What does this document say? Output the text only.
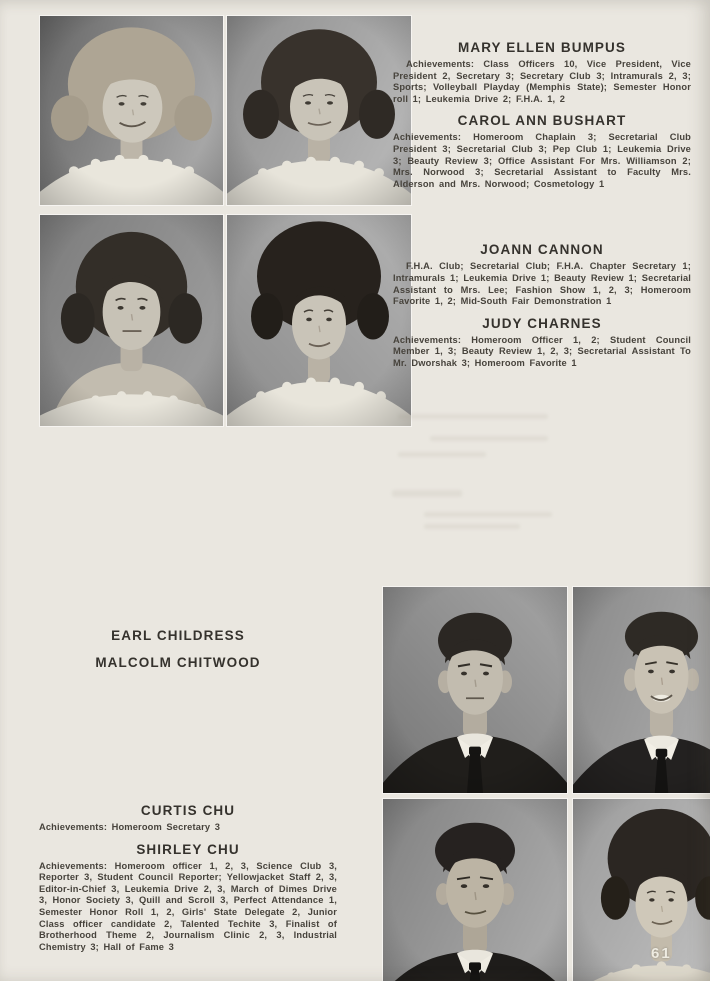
61
MARY ELLEN BUMPUS

Achievements: Class Officers 10, Vice President, Vice President 2, Secretary 3; Secretary Club 3; Intramurals 2, 3; Sports; Volleyball Playday (Memphis State); Semester Honor roll 1; Leukemia Drive 2; F.H.A. 1, 2

CAROL ANN BUSHART

Achievements: Homeroom Chaplain 3; Secretarial Club President 3; Secretarial Club 3; Pep Club 1; Leukemia Drive 3; Beauty Review 3; Office Assistant For Mrs. Williamson 2; Mrs. Norwood 3; Secretarial Assistant to Faculty Mrs. Alderson and Mrs. Norwood; Cosmetology 1

JOANN CANNON

F.H.A. Club; Secretarial Club; F.H.A. Chapter Secretary 1; Intramurals 1; Leukemia Drive 1; Beauty Review 1; Secretarial Assistant to Mrs. Lee; Fashion Show 1, 2, 3; Homeroom Favorite 1, 2; Mid-South Fair Demonstration 1

JUDY CHARNES

Achievements: Homeroom Officer 1, 2; Student Council Member 1, 3; Beauty Review 1, 2, 3; Secretarial Assistant To Mr. Dworshak 3; Homeroom Favorite 1

EARL CHILDRESS
MALCOLM CHITWOOD
CURTIS CHU

Achievements: Homeroom Secretary 3

SHIRLEY CHU

Achievements: Homeroom officer 1, 2, 3, Science Club 3, Reporter 3, Student Council Reporter; Yellowjacket Staff 2, 3, Editor-in-Chief 3, Leukemia Drive 2, 3, March of Dimes Drive 3, Honor Society 3, Quill and Scroll 3, Perfect Attendance 1, Semester Honor Roll 1, 2, Girls' State Delegate 2, Junior Class officer candidate 2, Talented Techite 3, Finalist of Brotherhood Theme 2, Journalism Clinic 2, 3, Industrial Chemistry 3; Hall of Fame 3
